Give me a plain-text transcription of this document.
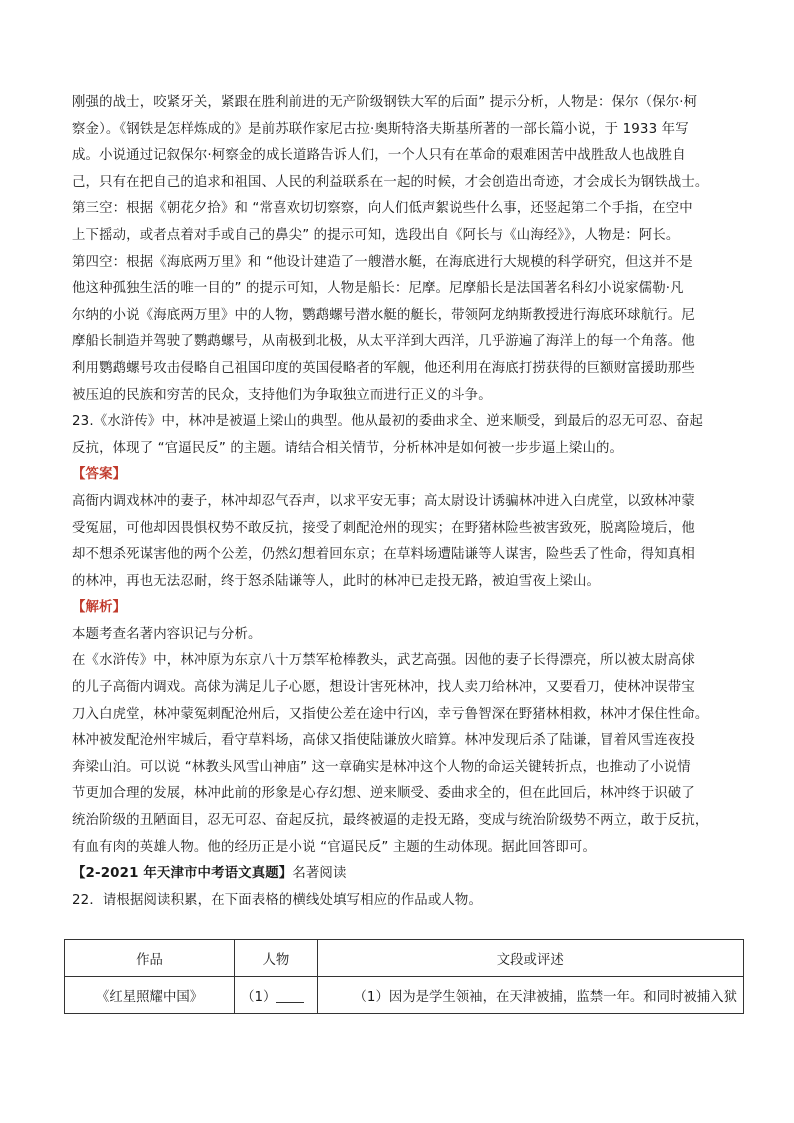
刚强的战士，咬紧牙关，紧跟在胜利前进的无产阶级钢铁大军的后面” 提示分析，人物是：保尔（保尔·柯
察金）。《钢铁是怎样炼成的》是前苏联作家尼古拉·奥斯特洛夫斯基所著的一部长篇小说，于 1933 年写
成。小说通过记叙保尔·柯察金的成长道路告诉人们，一个人只有在革命的艰难困苦中战胜敌人也战胜自
己，只有在把自己的追求和祖国、人民的利益联系在一起的时候，才会创造出奇迹，才会成长为钢铁战士。
第三空：根据《朝花夕拾》和 “常喜欢切切察察，向人们低声絮说些什么事，还竖起第二个手指，在空中
上下摇动，或者点着对手或自己的鼻尖” 的提示可知，选段出自《阿长与《山海经》》，人物是：阿长。
第四空：根据《海底两万里》和 “他设计建造了一艘潜水艇，在海底进行大规模的科学研究，但这并不是
他这种孤独生活的唯一目的” 的提示可知，人物是船长：尼摩。尼摩船长是法国著名科幻小说家儒勒·凡
尔纳的小说《海底两万里》中的人物，鹦鹉螺号潜水艇的艇长，带领阿龙纳斯教授进行海底环球航行。尼
摩船长制造并驾驶了鹦鹉螺号，从南极到北极，从太平洋到大西洋，几乎游遍了海洋上的每一个角落。他
利用鹦鹉螺号攻击侵略自己祖国印度的英国侵略者的军舰，他还利用在海底打捞获得的巨额财富援助那些
被压迫的民族和穷苦的民众，支持他们为争取独立而进行正义的斗争。
23.《水浒传》中，林冲是被逼上梁山的典型。他从最初的委曲求全、逆来顺受，到最后的忍无可忍、奋起
反抗，体现了 “官逼民反” 的主题。请结合相关情节，分析林冲是如何被一步步逼上梁山的。
【答案】
高衙内调戏林冲的妻子，林冲却忍气吞声，以求平安无事；高太尉设计诱骗林冲进入白虎堂，以致林冲蒙
受冤屈，可他却因畏惧权势不敢反抗，接受了刺配沧州的现实；在野猪林险些被害致死，脱离险境后，他
却不想杀死谋害他的两个公差，仍然幻想着回东京；在草料场遭陆谦等人谋害，险些丢了性命，得知真相
的林冲，再也无法忍耐，终于怒杀陆谦等人，此时的林冲已走投无路，被迫雪夜上梁山。
【解析】
本题考查名著内容识记与分析。
在《水浒传》中，林冲原为东京八十万禁军枪棒教头，武艺高强。因他的妻子长得漂亮，所以被太尉高俅
的儿子高衙内调戏。高俅为满足儿子心愿，想设计害死林冲，找人卖刀给林冲，又要看刀，使林冲误带宝
刀入白虎堂，林冲蒙冤刺配沧州后，又指使公差在途中行凶，幸亏鲁智深在野猪林相救，林冲才保住性命。
林冲被发配沧州牢城后，看守草料场，高俅又指使陆谦放火暗算。林冲发现后杀了陆谦，冒着风雪连夜投
奔梁山泊。可以说 “林教头风雪山神庙” 这一章确实是林冲这个人物的命运关键转折点，也推动了小说情
节更加合理的发展，林冲此前的形象是心存幻想、逆来顺受、委曲求全的，但在此回后，林冲终于识破了
统治阶级的丑陋面目，忍无可忍、奋起反抗，最终被逼的走投无路，变成与统治阶级势不两立，敢于反抗，
有血有肉的英雄人物。他的经历正是小说 “官逼民反” 主题的生动体现。据此回答即可。
【2-2021 年天津市中考语文真题】名著阅读
22．请根据阅读积累，在下面表格的横线处填写相应的作品或人物。
作品	人物	文段或评述
《红星照耀中国》	（1）	（1）因为是学生领袖，在天津被捕，监禁一年。和同时被捕入狱
